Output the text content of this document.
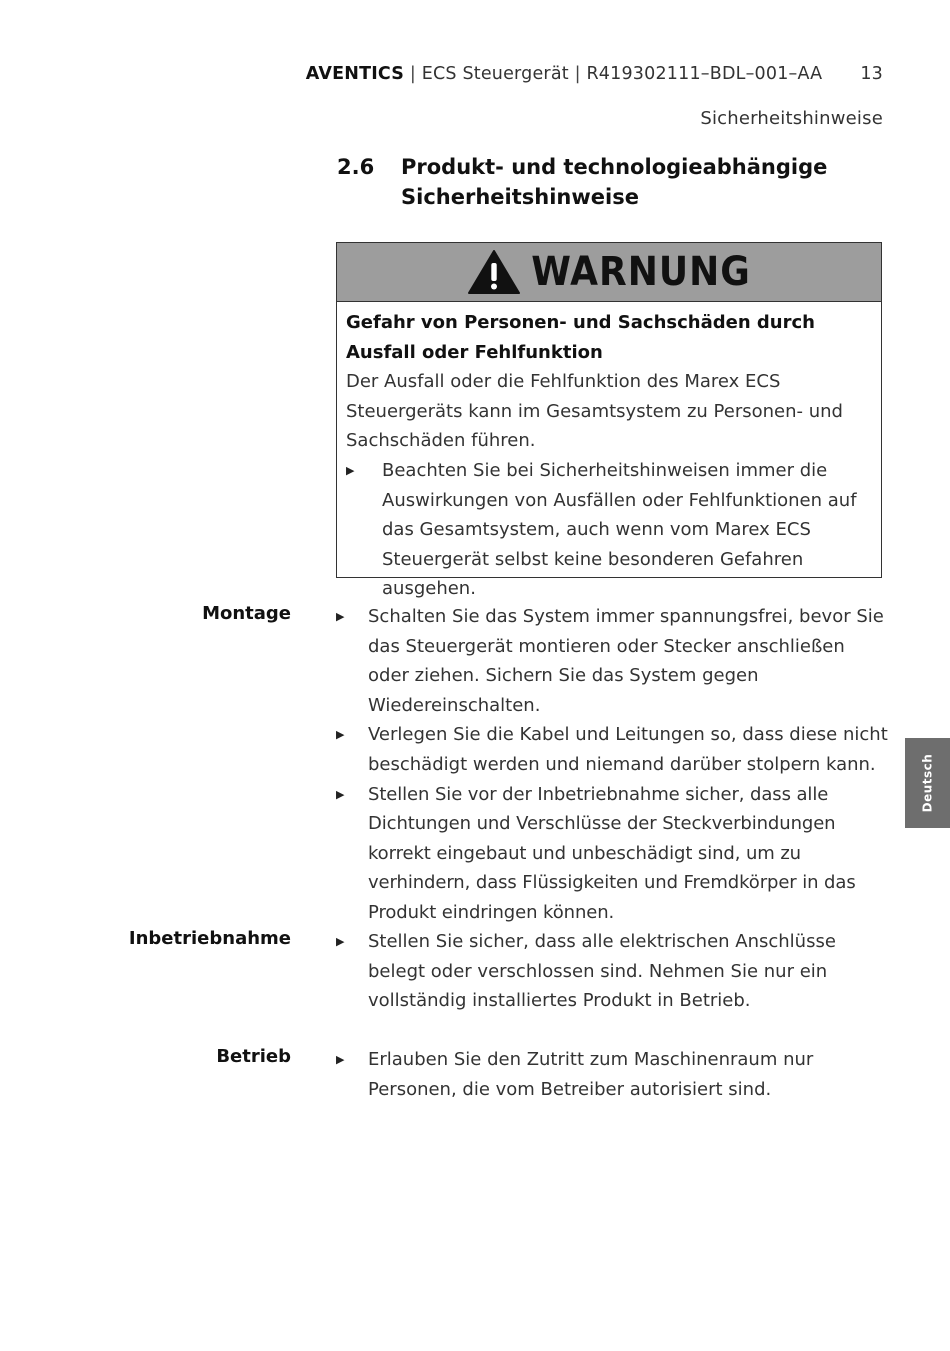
AVENTICS | ECS Steuergerät | R419302111–BDL–001–AA 13
Sicherheitshinweise
2.6 Produkt- und technologieabhängige Sicherheitshinweise
WARNUNG
Gefahr von Personen- und Sachschäden durch Ausfall oder Fehlfunktion
Der Ausfall oder die Fehlfunktion des Marex ECS Steuergeräts kann im Gesamtsystem zu Personen- und Sachschäden führen.
▶ Beachten Sie bei Sicherheitshinweisen immer die Auswirkungen von Ausfällen oder Fehlfunktionen auf das Gesamtsystem, auch wenn vom Marex ECS Steuergerät selbst keine besonderen Gefahren ausgehen.
Montage	▶ Schalten Sie das System immer spannungsfrei, bevor Sie das Steuergerät montieren oder Stecker anschließen oder ziehen. Sichern Sie das System gegen Wiedereinschalten.
▶ Verlegen Sie die Kabel und Leitungen so, dass diese nicht beschädigt werden und niemand darüber stolpern kann.
▶ Stellen Sie vor der Inbetriebnahme sicher, dass alle Dichtungen und Verschlüsse der Steckverbindungen korrekt eingebaut und unbeschädigt sind, um zu verhindern, dass Flüssigkeiten und Fremdkörper in das Produkt eindringen können.
Inbetriebnahme	▶ Stellen Sie sicher, dass alle elektrischen Anschlüsse belegt oder verschlossen sind. Nehmen Sie nur ein vollständig installiertes Produkt in Betrieb.
Betrieb	▶ Erlauben Sie den Zutritt zum Maschinenraum nur Personen, die vom Betreiber autorisiert sind.
Deutsch
